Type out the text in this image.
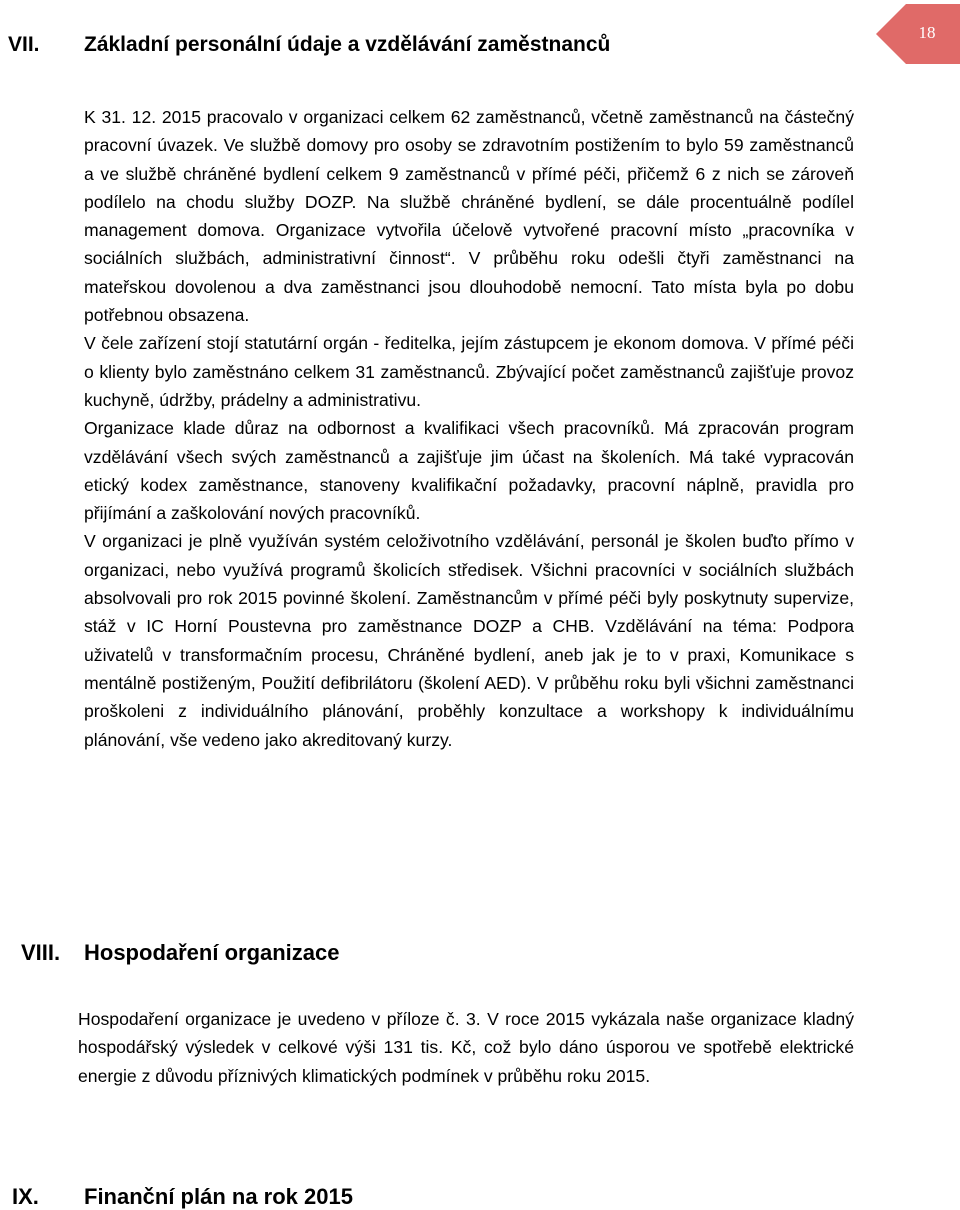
18
VII. Základní personální údaje a vzdělávání zaměstnanců

K 31. 12. 2015 pracovalo v organizaci celkem 62 zaměstnanců, včetně zaměstnanců na částečný pracovní úvazek. Ve službě domovy pro osoby se zdravotním postižením to bylo 59 zaměstnanců a ve službě chráněné bydlení celkem 9 zaměstnanců v přímé péči, přičemž 6 z nich se zároveň podílelo na chodu služby DOZP. Na službě chráněné bydlení, se dále procentuálně podílel management domova. Organizace vytvořila účelově vytvořené pracovní místo „pracovníka v sociálních službách, administrativní činnost“. V průběhu roku odešli čtyři zaměstnanci na mateřskou dovolenou a dva zaměstnanci jsou dlouhodobě nemocní. Tato místa byla po dobu potřebnou obsazena.
V čele zařízení stojí statutární orgán - ředitelka, jejím zástupcem je ekonom domova. V přímé péči o klienty bylo zaměstnáno celkem 31 zaměstnanců. Zbývající počet zaměstnanců zajišťuje provoz kuchyně, údržby, prádelny a administrativu.
Organizace klade důraz na odbornost a kvalifikaci všech pracovníků. Má zpracován program vzdělávání všech svých zaměstnanců a zajišťuje jim účast na školeních. Má také vypracován etický kodex zaměstnance, stanoveny kvalifikační požadavky, pracovní náplně, pravidla pro přijímání a zaškolování nových pracovníků.
V organizaci je plně využíván systém celoživotního vzdělávání, personál je školen buďto přímo v organizaci, nebo využívá programů školicích středisek. Všichni pracovníci v sociálních službách absolvovali pro rok 2015 povinné školení. Zaměstnancům v přímé péči byly poskytnuty supervize, stáž v IC Horní Poustevna pro zaměstnance DOZP a CHB. Vzdělávání na téma: Podpora uživatelů v transformačním procesu, Chráněné bydlení, aneb jak je to v praxi, Komunikace s mentálně postiženým, Použití defibrilátoru (školení AED). V průběhu roku byli všichni zaměstnanci proškoleni z individuálního plánování, proběhly konzultace a workshopy k individuálnímu plánování, vše vedeno jako akreditovaný kurzy.

VIII. Hospodaření organizace

Hospodaření organizace je uvedeno v příloze č. 3. V roce 2015 vykázala naše organizace kladný hospodářský výsledek v celkové výši 131 tis. Kč, což bylo dáno úsporou ve spotřebě elektrické energie z důvodu příznivých klimatických podmínek v průběhu roku 2015.

IX. Finanční plán na rok 2015
